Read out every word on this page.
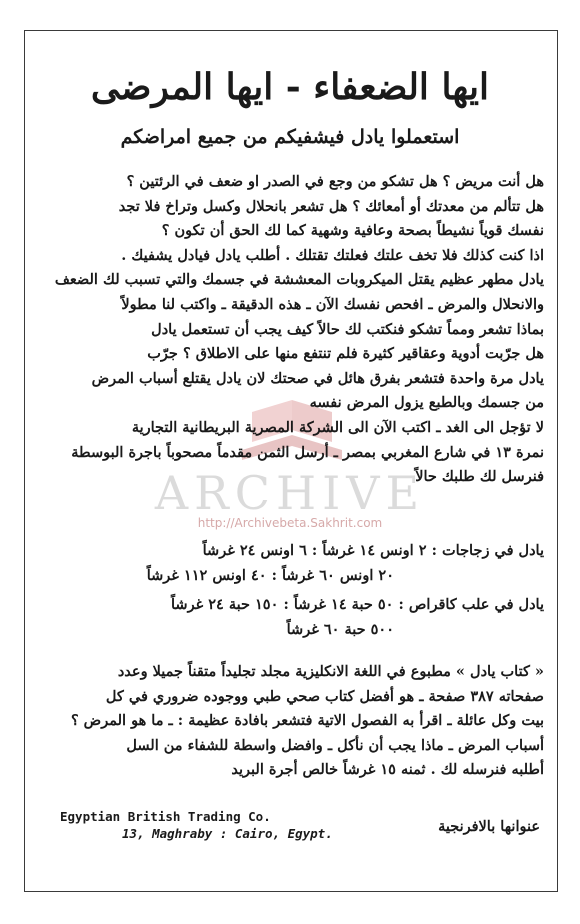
ARCHIVE
http://Archivebeta.Sakhrit.com
ايها الضعفاء - ايها المرضى
استعملوا يادل فيشفيكم من جميع امراضكم
هل أنت مريض ؟ هل تشكو من وجع في الصدر او ضعف في الرئتين ؟
هل تتألم من معدتك أو أمعائك ؟ هل تشعر بانحلال وكسل وتراخ فلا تجد
نفسك قوياً نشيطاً بصحة وعافية وشهية كما لك الحق أن تكون ؟
اذا كنت كذلك فلا تخف علتك فعلتك تقتلك . أطلب يادل فيادل يشفيك .
يادل مطهر عظيم يقتل الميكروبات المعششة في جسمك والتي تسبب لك الضعف
والانحلال والمرض ـ افحص نفسك الآن ـ هذه الدقيقة ـ واكتب لنا مطولاً
بماذا تشعر ومماً تشكو فنكتب لك حالاً كيف يجب أن تستعمل يادل
هل جرّبت أدوية وعقاقير كثيرة فلم تنتفع منها على الاطلاق ؟ جرّب
يادل مرة واحدة فتشعر بفرق هائل في صحتك لان يادل يقتلع أسباب المرض
من جسمك وبالطبع يزول المرض نفسه
لا تؤجل الى الغد ـ اكتب الآن الى الشركة المصرية البريطانية التجارية
نمرة ١٣ في شارع المغربي بمصر ـ أرسل الثمن مقدماً مصحوباً باجرة البوسطة
فنرسل لك طلبك حالاً
يادل في زجاجات : ٢ اونس ١٤ غرشاً : ٦ اونس ٢٤ غرشاً
٢٠ اونس ٦٠ غرشاً : ٤٠ اونس ١١٢ غرشاً
يادل في علب كاقراص : ٥٠ حبة ١٤ غرشاً : ١٥٠ حبة ٢٤ غرشاً
٥٠٠ حبة ٦٠ غرشاً
« كتاب يادل » مطبوع في اللغة الانكليزية مجلد تجليداً متقناً جميلا وعدد
صفحاته ٣٨٧ صفحة ـ هو أفضل كتاب صحي طبي ووجوده ضروري في كل
بيت وكل عائلة ـ اقرأ به الفصول الاتية فتشعر بافادة عظيمة : ـ ما هو المرض ؟
أسباب المرض ـ ماذا يجب أن نأكل ـ وافضل واسطة للشفاء من السل
أطلبه فنرسله لك . ثمنه ١٥ غرشاً خالص أجرة البريد
Egyptian British Trading Co.
13, Maghraby : Cairo, Egypt.	عنوانها بالافرنجية
